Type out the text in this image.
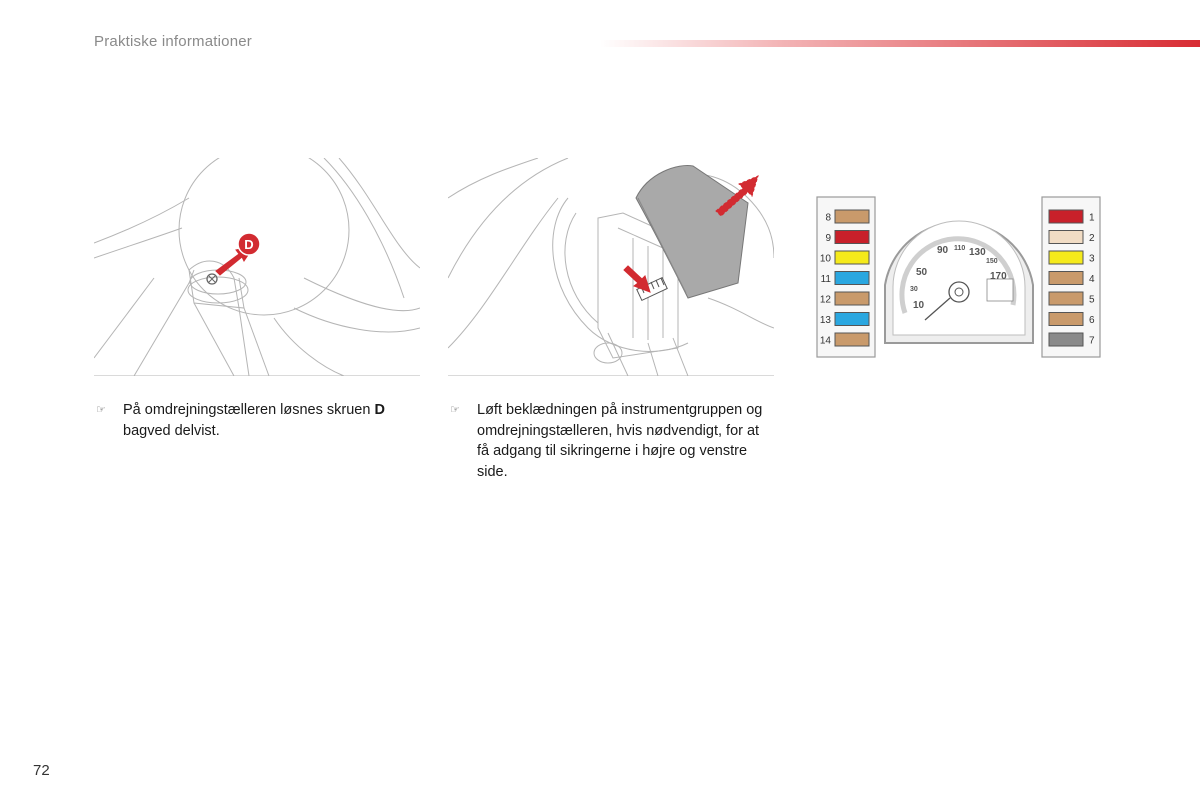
Praktiske informationer
D
8
9
10
11
12
13
14
1
2
3
4
5
6
7
90 110 130
150
50	170
30
10
☞ På omdrejningstælleren løsnes skruen D bagved delvist.
☞ Løft beklædningen på instrumentgruppen og omdrejningstælleren, hvis nødvendigt, for at få adgang til sikringerne i højre og venstre side.
72
